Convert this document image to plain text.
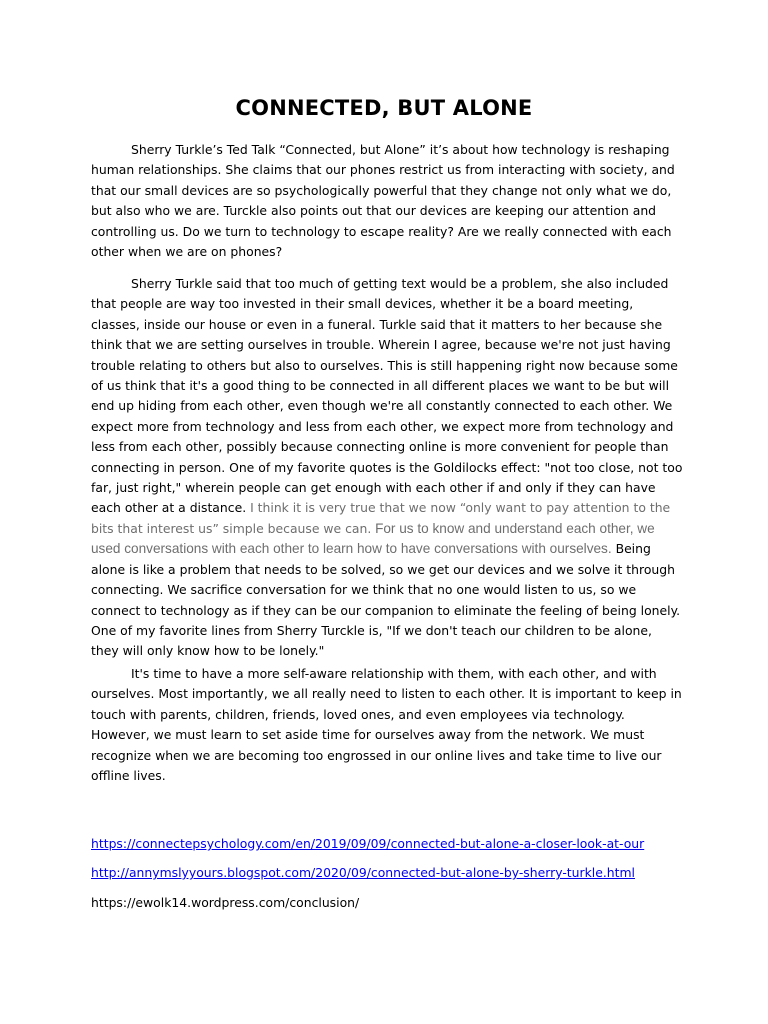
CONNECTED, BUT ALONE

Sherry Turkle’s Ted Talk “Connected, but Alone” it’s about how technology is reshaping human relationships. She claims that our phones restrict us from interacting with society, and that our small devices are so psychologically powerful that they change not only what we do, but also who we are. Turckle also points out that our devices are keeping our attention and controlling us. Do we turn to technology to escape reality? Are we really connected with each other when we are on phones?

Sherry Turkle said that too much of getting text would be a problem, she also included that people are way too invested in their small devices, whether it be a board meeting, classes, inside our house or even in a funeral. Turkle said that it matters to her because she think that we are setting ourselves in trouble. Wherein I agree, because we're not just having trouble relating to others but also to ourselves. This is still happening right now because some of us think that it's a good thing to be connected in all different places we want to be but will end up hiding from each other, even though we're all constantly connected to each other. We expect more from technology and less from each other, we expect more from technology and less from each other, possibly because connecting online is more convenient for people than connecting in person. One of my favorite quotes is the Goldilocks effect: "not too close, not too far, just right," wherein people can get enough with each other if and only if they can have each other at a distance. I think it is very true that we now “only want to pay attention to the bits that interest us” simple because we can. For us to know and understand each other, we used conversations with each other to learn how to have conversations with ourselves. Being alone is like a problem that needs to be solved, so we get our devices and we solve it through connecting. We sacrifice conversation for we think that no one would listen to us, so we connect to technology as if they can be our companion to eliminate the feeling of being lonely. One of my favorite lines from Sherry Turckle is, "If we don't teach our children to be alone, they will only know how to be lonely."

It's time to have a more self-aware relationship with them, with each other, and with ourselves. Most importantly, we all really need to listen to each other. It is important to keep in touch with parents, children, friends, loved ones, and even employees via technology. However, we must learn to set aside time for ourselves away from the network. We must recognize when we are becoming too engrossed in our online lives and take time to live our offline lives.

https://connectepsychology.com/en/2019/09/09/connected-but-alone-a-closer-look-at-our
http://annymslyyours.blogspot.com/2020/09/connected-but-alone-by-sherry-turkle.html
https://ewolk14.wordpress.com/conclusion/
